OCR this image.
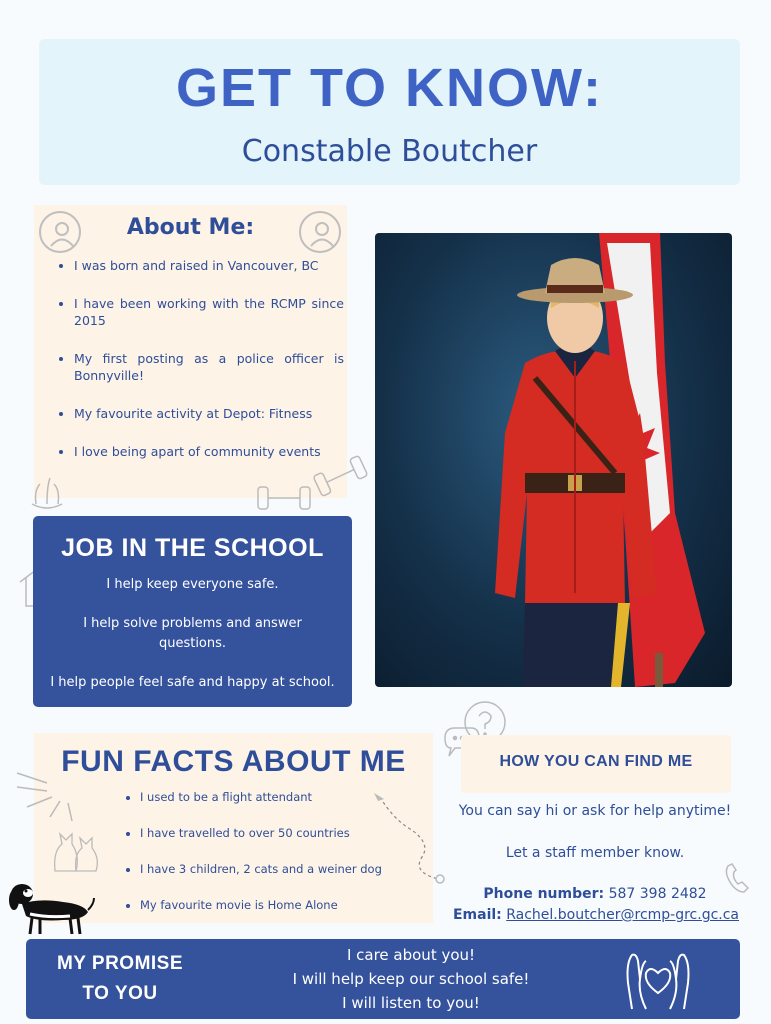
GET TO KNOW:
Constable Boutcher
About Me:
• I was born and raised in Vancouver, BC
• I have been working with the RCMP since 2015
• My first posting as a police officer is Bonnyville!
• My favourite activity at Depot: Fitness
• I love being apart of community events
JOB IN THE SCHOOL
I help keep everyone safe.
I help solve problems and answer questions.
I help people feel safe and happy at school.
FUN FACTS ABOUT ME
• I used to be a flight attendant
• I have travelled to over 50 countries
• I have 3 children, 2 cats and a weiner dog
• My favourite movie is Home Alone
HOW YOU CAN FIND ME
You can say hi or ask for help anytime!
Let a staff member know.
Phone number: 587 398 2482
Email: Rachel.boutcher@rcmp-grc.gc.ca
MY PROMISE
TO YOU
I care about you!
I will help keep our school safe!
I will listen to you!
